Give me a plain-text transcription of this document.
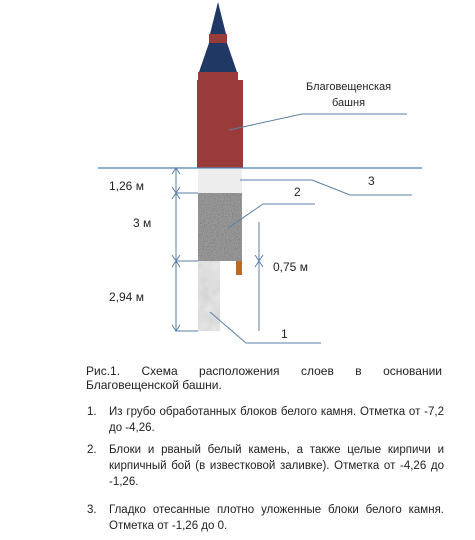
Благовещенская
башня
1,26 м
3 м
2,94 м
0,75 м
3
2
1
Рис.1. Схема расположения слоев в основании Благовещенской башни.
1. Из грубо обработанных блоков белого камня. Отметка от -7,2 до -4,26.
2. Блоки и рваный белый камень, а также целые кирпичи и кирпичный бой (в известковой заливке). Отметка от -4,26 до -1,26.
3. Гладко отесанные плотно уложенные блоки белого камня. Отметка от -1,26 до 0.
